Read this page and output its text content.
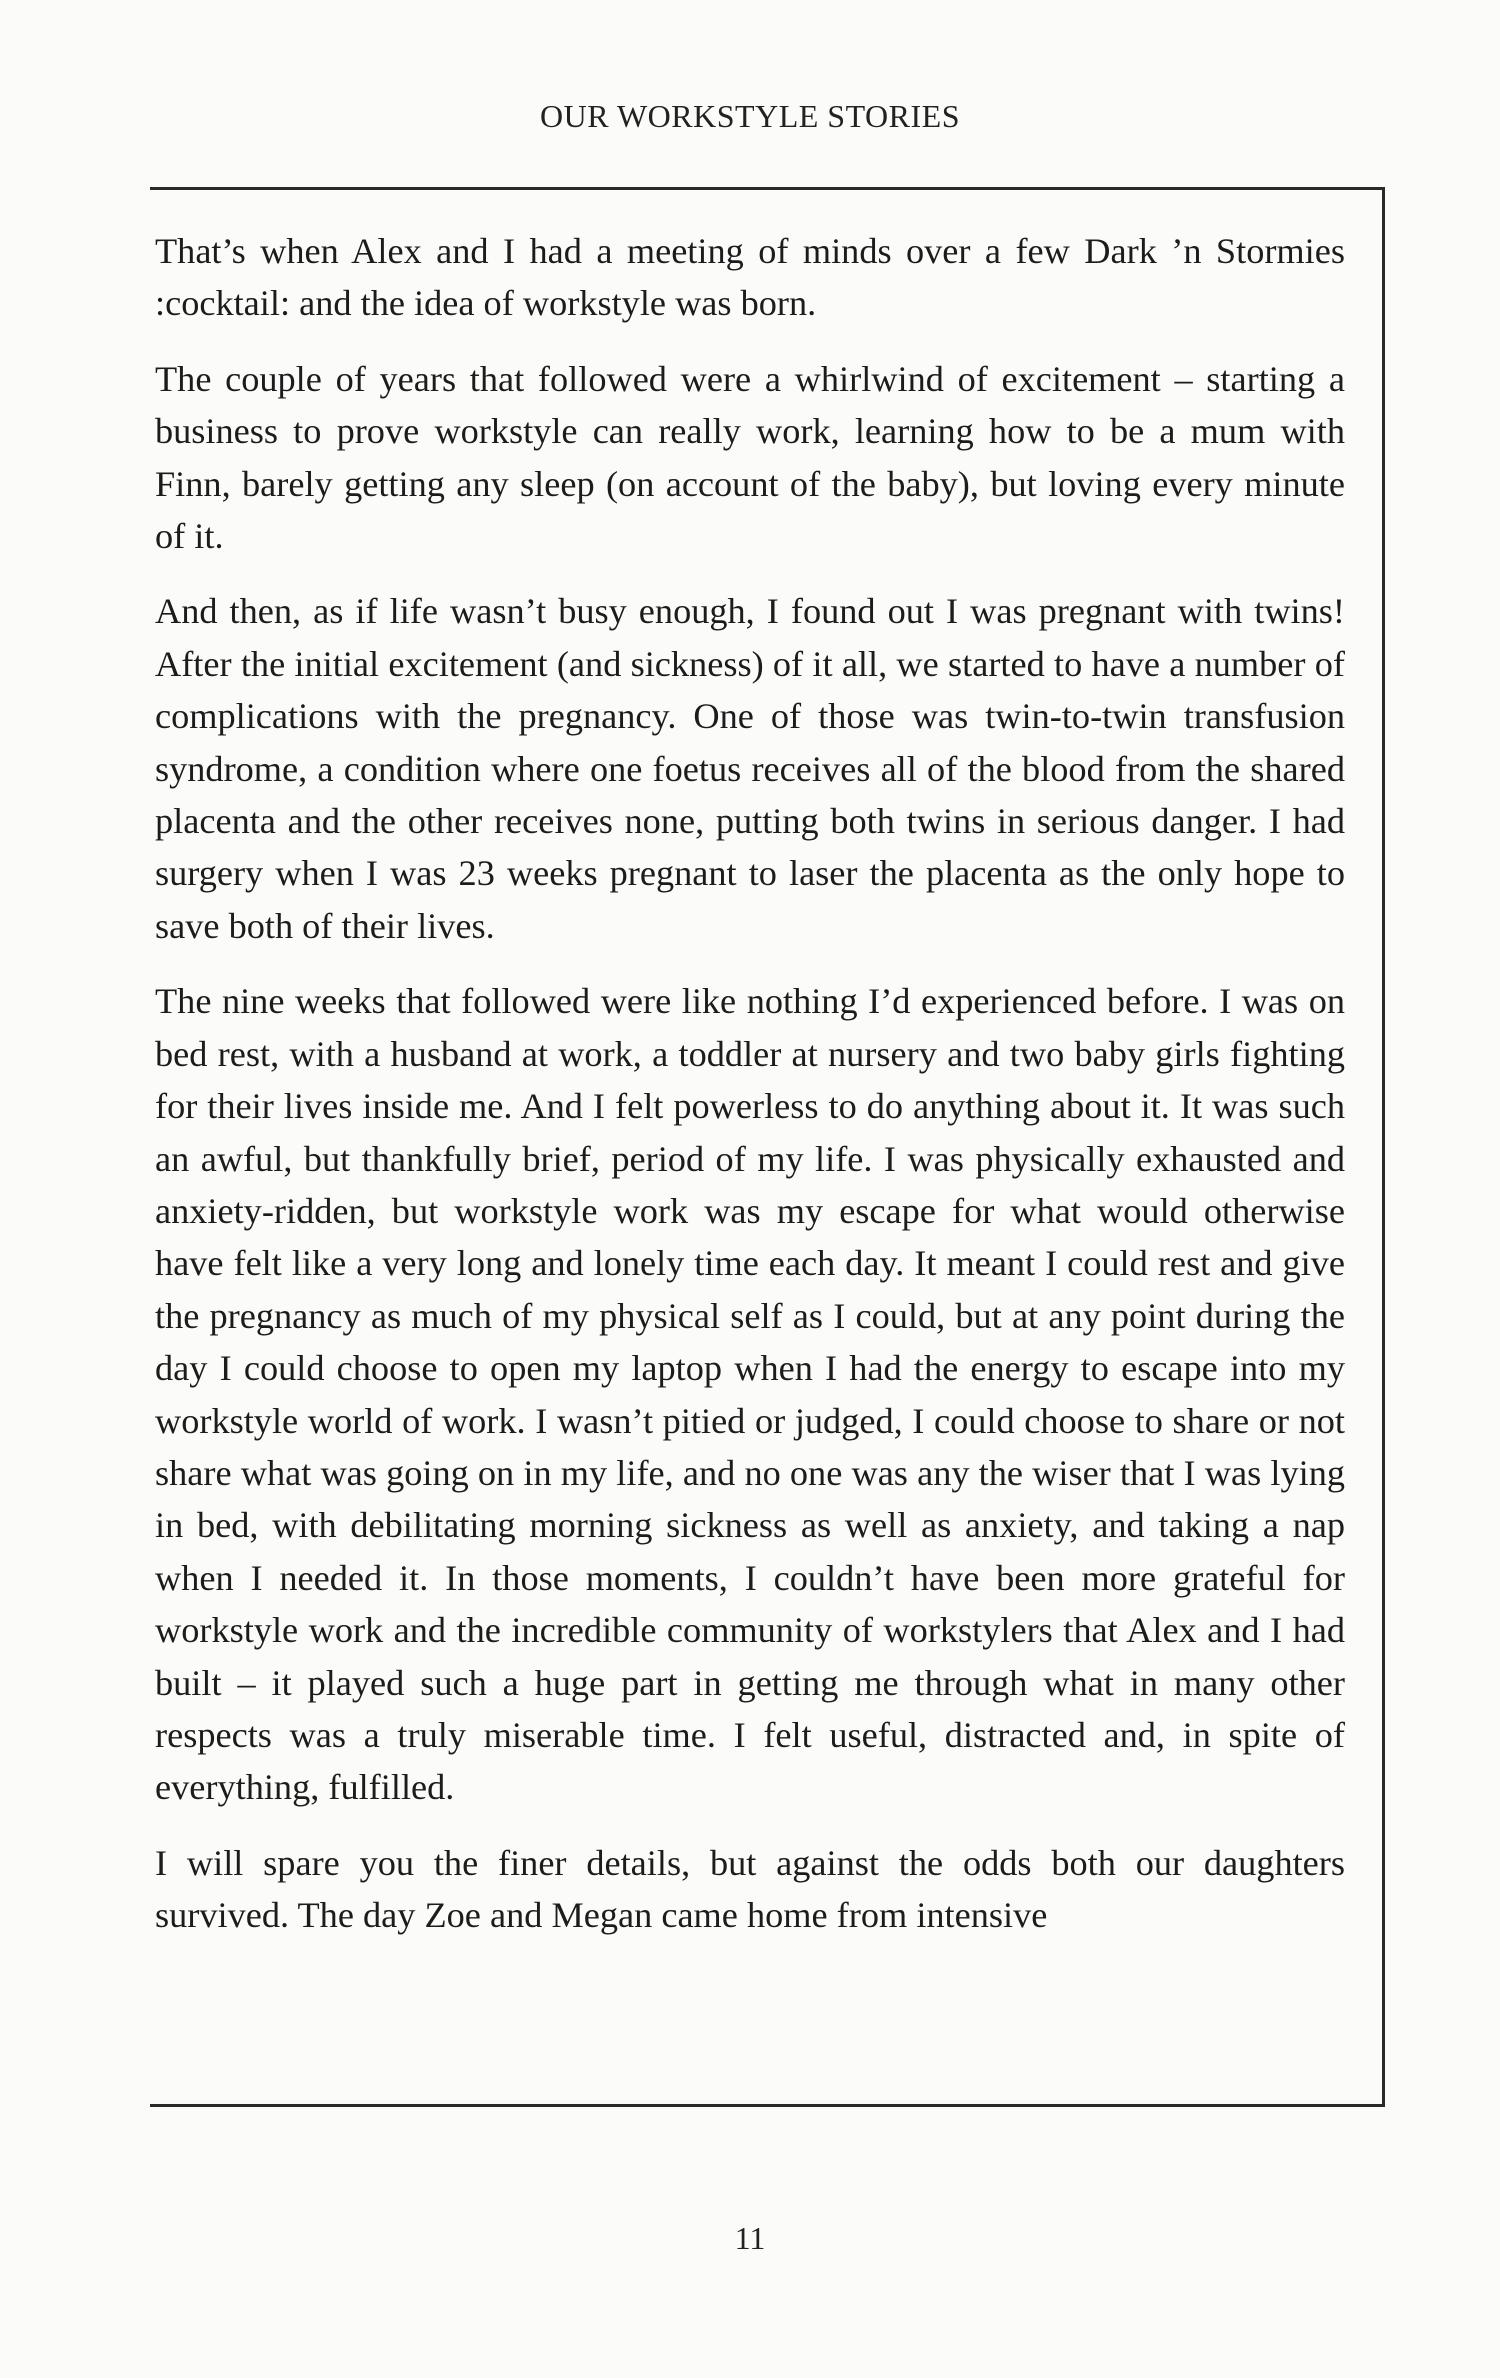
OUR WORKSTYLE STORIES

That’s when Alex and I had a meeting of minds over a few Dark ’n Stormies :cocktail: and the idea of workstyle was born.

The couple of years that followed were a whirlwind of excitement – starting a business to prove workstyle can really work, learning how to be a mum with Finn, barely getting any sleep (on account of the baby), but loving every minute of it.

And then, as if life wasn’t busy enough, I found out I was pregnant with twins! After the initial excitement (and sickness) of it all, we started to have a number of complications with the pregnancy. One of those was twin-to-twin transfusion syndrome, a condition where one foetus receives all of the blood from the shared placenta and the other receives none, putting both twins in serious danger. I had surgery when I was 23 weeks pregnant to laser the placenta as the only hope to save both of their lives.

The nine weeks that followed were like nothing I’d experienced before. I was on bed rest, with a husband at work, a toddler at nursery and two baby girls fighting for their lives inside me. And I felt powerless to do anything about it. It was such an awful, but thankfully brief, period of my life. I was physically exhausted and anxiety-ridden, but workstyle work was my escape for what would otherwise have felt like a very long and lonely time each day. It meant I could rest and give the pregnancy as much of my physical self as I could, but at any point during the day I could choose to open my laptop when I had the energy to escape into my workstyle world of work. I wasn’t pitied or judged, I could choose to share or not share what was going on in my life, and no one was any the wiser that I was lying in bed, with debilitating morning sickness as well as anxiety, and taking a nap when I needed it. In those moments, I couldn’t have been more grateful for workstyle work and the incredible community of workstylers that Alex and I had built – it played such a huge part in getting me through what in many other respects was a truly miserable time. I felt useful, distracted and, in spite of everything, fulfilled.

I will spare you the finer details, but against the odds both our daughters survived. The day Zoe and Megan came home from intensive

11
